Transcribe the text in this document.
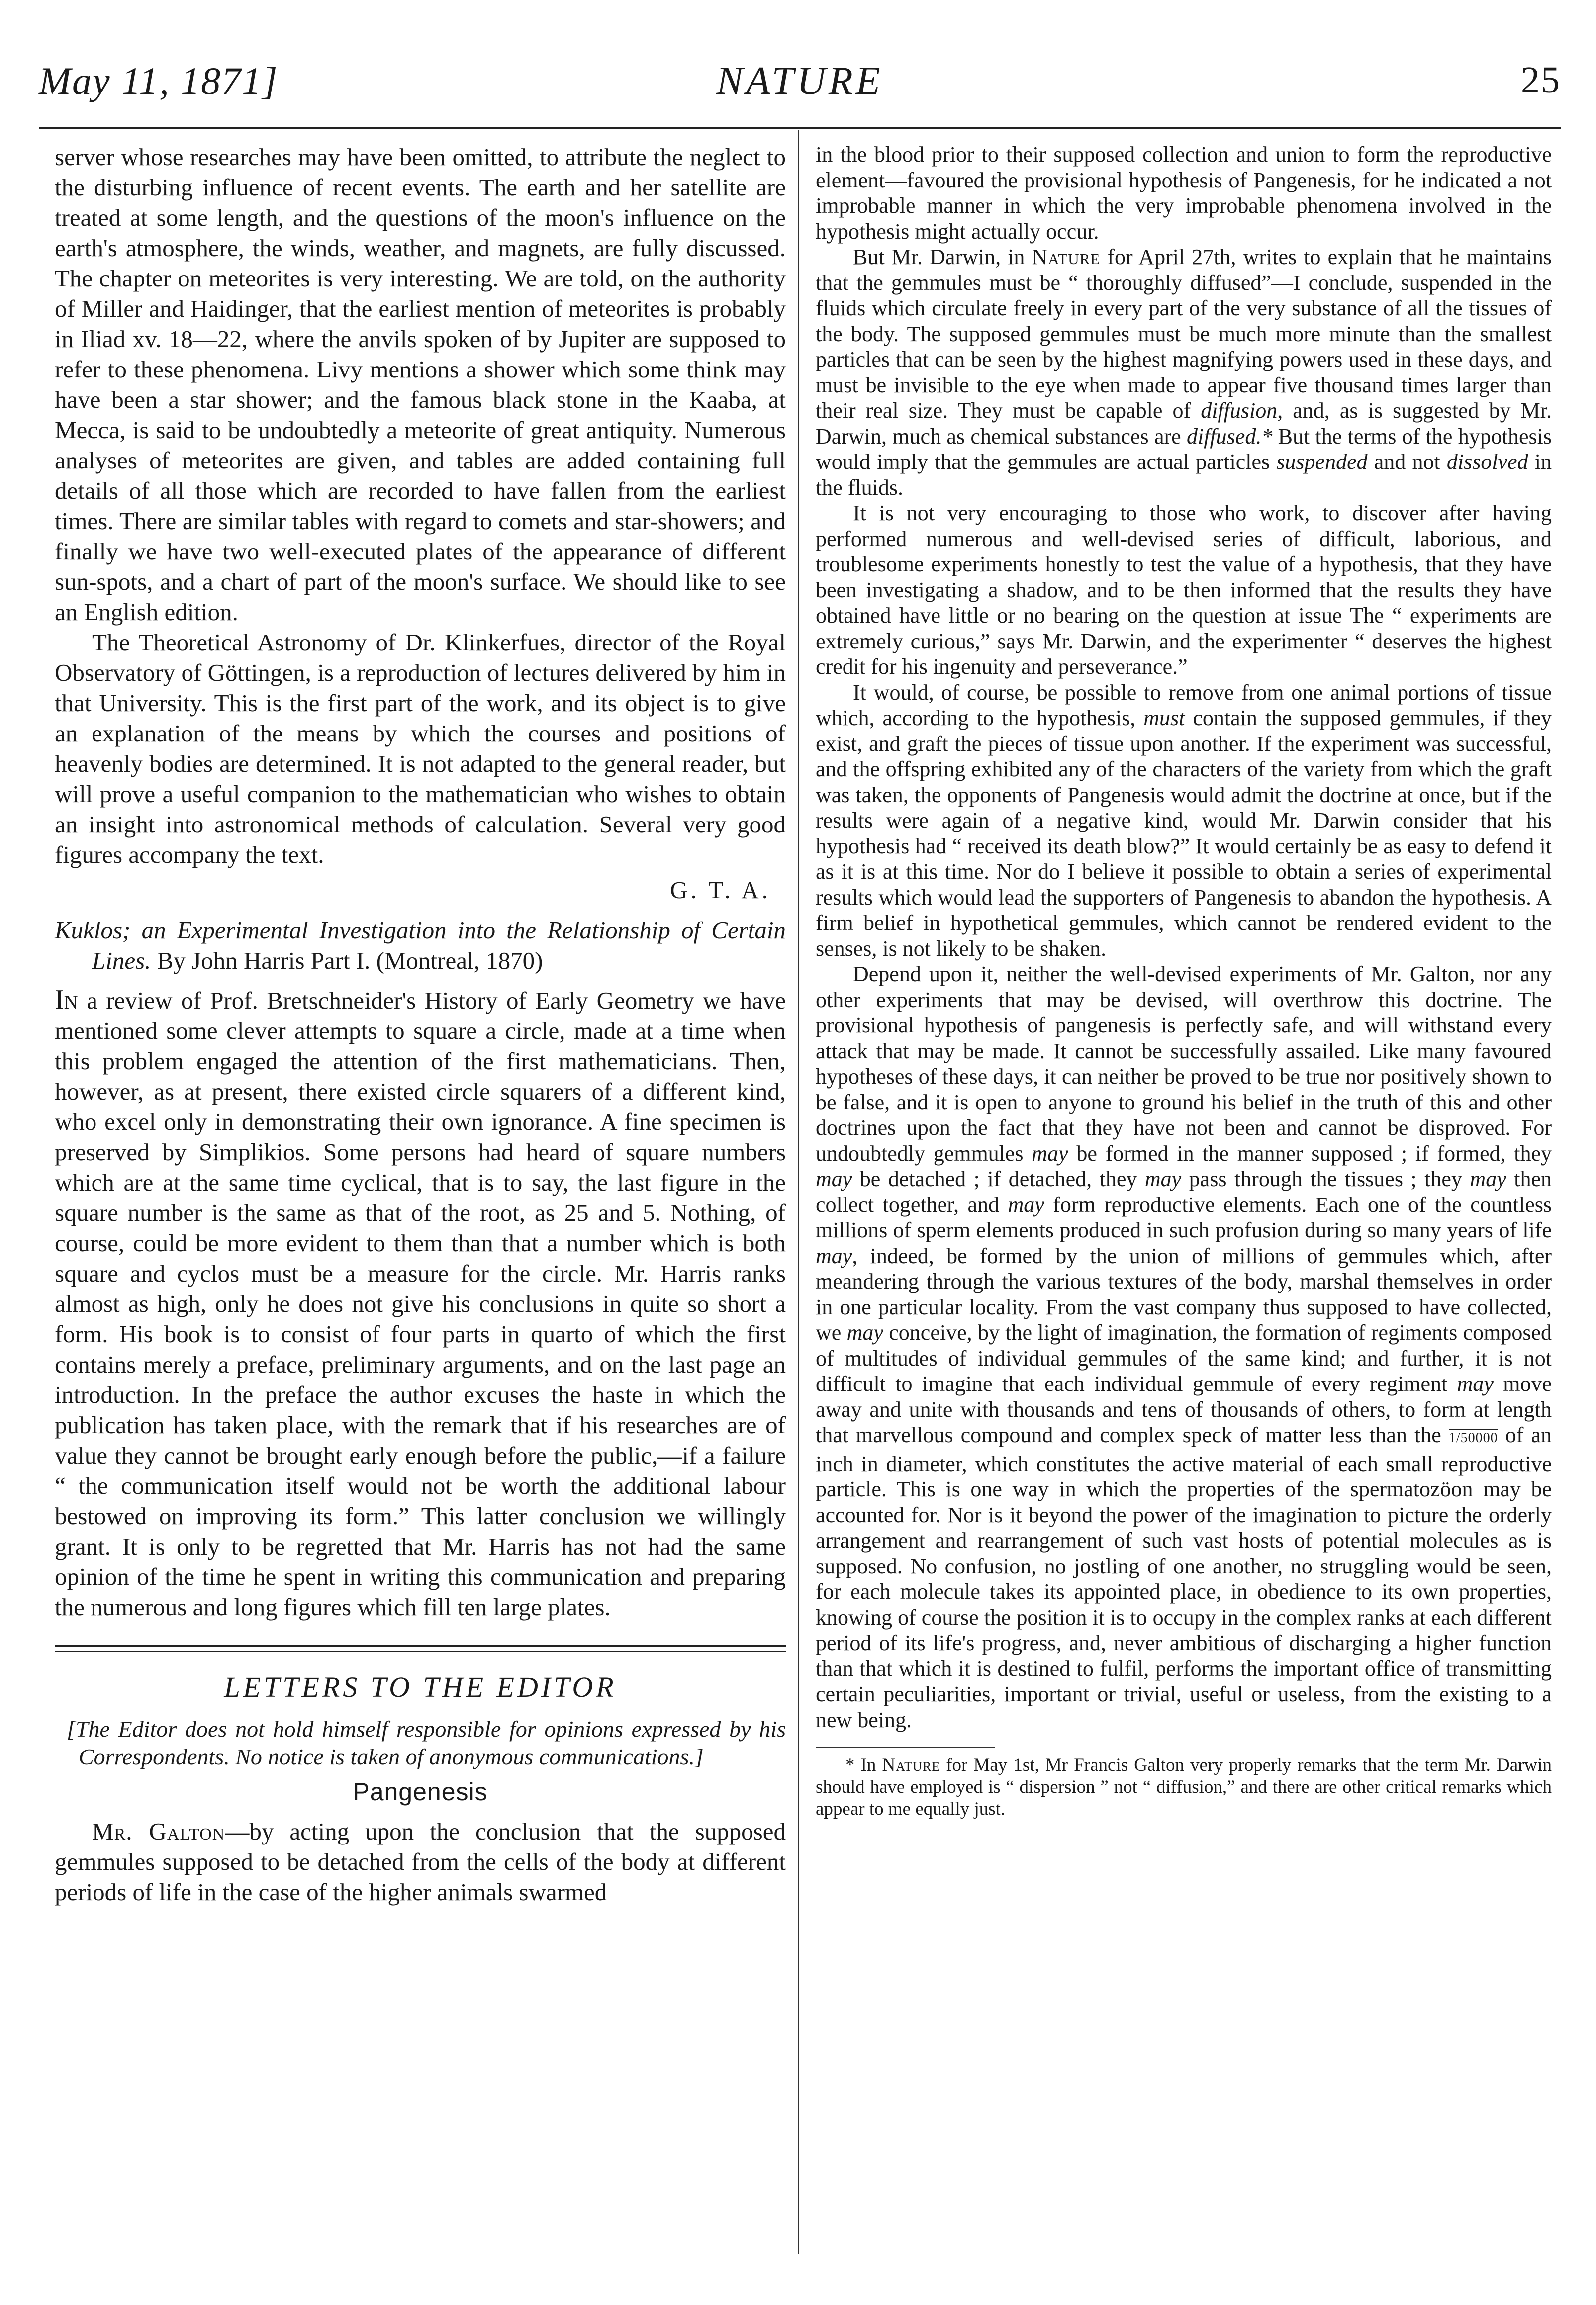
May 11, 1871]	NATURE	25

server whose researches may have been omitted, to attribute the neglect to the disturbing influence of recent events. The earth and her satellite are treated at some length, and the questions of the moon's influence on the earth's atmosphere, the winds, weather, and magnets, are fully discussed. The chapter on meteorites is very interesting. We are told, on the authority of Miller and Haidinger, that the earliest mention of meteorites is probably in Iliad xv. 18—22, where the anvils spoken of by Jupiter are supposed to refer to these phenomena. Livy mentions a shower which some think may have been a star shower; and the famous black stone in the Kaaba, at Mecca, is said to be undoubtedly a meteorite of great antiquity. Numerous analyses of meteorites are given, and tables are added containing full details of all those which are recorded to have fallen from the earliest times. There are similar tables with regard to comets and star-showers; and finally we have two well-executed plates of the appearance of different sun-spots, and a chart of part of the moon's surface. We should like to see an English edition.

The Theoretical Astronomy of Dr. Klinkerfues, director of the Royal Observatory of Göttingen, is a reproduction of lectures delivered by him in that University. This is the first part of the work, and its object is to give an explanation of the means by which the courses and positions of heavenly bodies are determined. It is not adapted to the general reader, but will prove a useful companion to the mathematician who wishes to obtain an insight into astronomical methods of calculation. Several very good figures accompany the text.

G. T. A.
Kuklos; an Experimental Investigation into the Relationship of Certain Lines. By John Harris Part I. (Montreal, 1870)

In a review of Prof. Bretschneider's History of Early Geometry we have mentioned some clever attempts to square a circle, made at a time when this problem engaged the attention of the first mathematicians. Then, however, as at present, there existed circle squarers of a different kind, who excel only in demonstrating their own ignorance. A fine specimen is preserved by Simplikios. Some persons had heard of square numbers which are at the same time cyclical, that is to say, the last figure in the square number is the same as that of the root, as 25 and 5. Nothing, of course, could be more evident to them than that a number which is both square and cyclos must be a measure for the circle. Mr. Harris ranks almost as high, only he does not give his conclusions in quite so short a form. His book is to consist of four parts in quarto of which the first contains merely a preface, preliminary arguments, and on the last page an introduction. In the preface the author excuses the haste in which the publication has taken place, with the remark that if his researches are of value they cannot be brought early enough before the public,—if a failure “ the communication itself would not be worth the additional labour bestowed on improving its form.” This latter conclusion we willingly grant. It is only to be regretted that Mr. Harris has not had the same opinion of the time he spent in writing this communication and preparing the numerous and long figures which fill ten large plates.

LETTERS TO THE EDITOR
[The Editor does not hold himself responsible for opinions expressed by his Correspondents. No notice is taken of anonymous communications.]
Pangenesis

Mr. Galton—by acting upon the conclusion that the supposed gemmules supposed to be detached from the cells of the body at different periods of life in the case of the higher animals swarmed

in the blood prior to their supposed collection and union to form the reproductive element—favoured the provisional hypothesis of Pangenesis, for he indicated a not improbable manner in which the very improbable phenomena involved in the hypothesis might actually occur.

But Mr. Darwin, in Nature for April 27th, writes to explain that he maintains that the gemmules must be “ thoroughly diffused”—I conclude, suspended in the fluids which circulate freely in every part of the very substance of all the tissues of the body. The supposed gemmules must be much more minute than the smallest particles that can be seen by the highest magnifying powers used in these days, and must be invisible to the eye when made to appear five thousand times larger than their real size. They must be capable of diffusion, and, as is suggested by Mr. Darwin, much as chemical substances are diffused.* But the terms of the hypothesis would imply that the gemmules are actual particles suspended and not dissolved in the fluids.

It is not very encouraging to those who work, to discover after having performed numerous and well-devised series of difficult, laborious, and troublesome experiments honestly to test the value of a hypothesis, that they have been investigating a shadow, and to be then informed that the results they have obtained have little or no bearing on the question at issue The “ experiments are extremely curious,” says Mr. Darwin, and the experimenter “ deserves the highest credit for his ingenuity and perseverance.”

It would, of course, be possible to remove from one animal portions of tissue which, according to the hypothesis, must contain the supposed gemmules, if they exist, and graft the pieces of tissue upon another. If the experiment was successful, and the offspring exhibited any of the characters of the variety from which the graft was taken, the opponents of Pangenesis would admit the doctrine at once, but if the results were again of a negative kind, would Mr. Darwin consider that his hypothesis had “ received its death blow?” It would certainly be as easy to defend it as it is at this time. Nor do I believe it possible to obtain a series of experimental results which would lead the supporters of Pangenesis to abandon the hypothesis. A firm belief in hypothetical gemmules, which cannot be rendered evident to the senses, is not likely to be shaken.

Depend upon it, neither the well-devised experiments of Mr. Galton, nor any other experiments that may be devised, will overthrow this doctrine. The provisional hypothesis of pangenesis is perfectly safe, and will withstand every attack that may be made. It cannot be successfully assailed. Like many favoured hypotheses of these days, it can neither be proved to be true nor positively shown to be false, and it is open to anyone to ground his belief in the truth of this and other doctrines upon the fact that they have not been and cannot be disproved. For undoubtedly gemmules may be formed in the manner supposed ; if formed, they may be detached ; if detached, they may pass through the tissues ; they may then collect together, and may form reproductive elements. Each one of the countless millions of sperm elements produced in such profusion during so many years of life may, indeed, be formed by the union of millions of gemmules which, after meandering through the various textures of the body, marshal themselves in order in one particular locality. From the vast company thus supposed to have collected, we may conceive, by the light of imagination, the formation of regiments composed of multitudes of individual gemmules of the same kind; and further, it is not difficult to imagine that each individual gemmule of every regiment may move away and unite with thousands and tens of thousands of others, to form at length that marvellous compound and complex speck of matter less than the 1/50000 of an inch in diameter, which constitutes the active material of each small reproductive particle. This is one way in which the properties of the spermatozöon may be accounted for. Nor is it beyond the power of the imagination to picture the orderly arrangement and rearrangement of such vast hosts of potential molecules as is supposed. No confusion, no jostling of one another, no struggling would be seen, for each molecule takes its appointed place, in obedience to its own properties, knowing of course the position it is to occupy in the complex ranks at each different period of its life's progress, and, never ambitious of discharging a higher function than that which it is destined to fulfil, performs the important office of transmitting certain peculiarities, important or trivial, useful or useless, from the existing to a new being.

* In Nature for May 1st, Mr Francis Galton very properly remarks that the term Mr. Darwin should have employed is “ dispersion ” not “ diffusion,” and there are other critical remarks which appear to me equally just.
